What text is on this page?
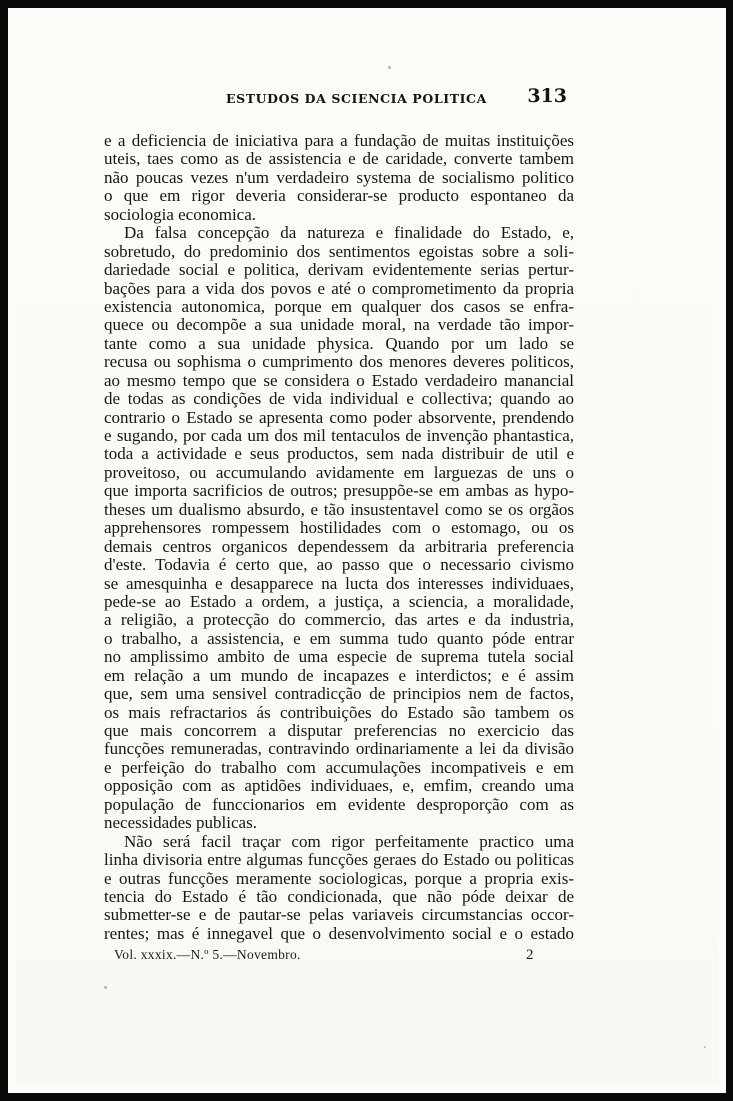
ESTUDOS DA SCIENCIA POLITICA 313
e a deficiencia de iniciativa para a fundação de muitas instituições
uteis, taes como as de assistencia e de caridade, converte tambem
não poucas vezes n'um verdadeiro systema de socialismo politico
o que em rigor deveria considerar-se producto espontaneo da
sociologia economica.
Da falsa concepção da natureza e finalidade do Estado, e,
sobretudo, do predominio dos sentimentos egoistas sobre a soli-
dariedade social e politica, derivam evidentemente serias pertur-
bações para a vida dos povos e até o comprometimento da propria
existencia autonomica, porque em qualquer dos casos se enfra-
quece ou decompõe a sua unidade moral, na verdade tão impor-
tante como a sua unidade physica. Quando por um lado se
recusa ou sophisma o cumprimento dos menores deveres politicos,
ao mesmo tempo que se considera o Estado verdadeiro manancial
de todas as condições de vida individual e collectiva; quando ao
contrario o Estado se apresenta como poder absorvente, prendendo
e sugando, por cada um dos mil tentaculos de invenção phantastica,
toda a actividade e seus productos, sem nada distribuir de util e
proveitoso, ou accumulando avidamente em larguezas de uns o
que importa sacrificios de outros; presuppõe-se em ambas as hypo-
theses um dualismo absurdo, e tão insustentavel como se os orgãos
apprehensores rompessem hostilidades com o estomago, ou os
demais centros organicos dependessem da arbitraria preferencia
d'este. Todavia é certo que, ao passo que o necessario civismo
se amesquinha e desapparece na lucta dos interesses individuaes,
pede-se ao Estado a ordem, a justiça, a sciencia, a moralidade,
a religião, a protecção do commercio, das artes e da industria,
o trabalho, a assistencia, e em summa tudo quanto póde entrar
no amplissimo ambito de uma especie de suprema tutela social
em relação a um mundo de incapazes e interdictos; e é assim
que, sem uma sensivel contradicção de principios nem de factos,
os mais refractarios ás contribuições do Estado são tambem os
que mais concorrem a disputar preferencias no exercicio das
funcções remuneradas, contravindo ordinariamente a lei da divisão
e perfeição do trabalho com accumulações incompativeis e em
opposição com as aptidões individuaes, e, emfim, creando uma
população de funccionarios em evidente desproporção com as
necessidades publicas.
Não será facil traçar com rigor perfeitamente practico uma
linha divisoria entre algumas funcções geraes do Estado ou politicas
e outras funcções meramente sociologicas, porque a propria exis-
tencia do Estado é tão condicionada, que não póde deixar de
submetter-se e de pautar-se pelas variaveis circumstancias occor-
rentes; mas é innegavel que o desenvolvimento social e o estado
Vol. xxxix.—N.º 5.—Novembro.	2
